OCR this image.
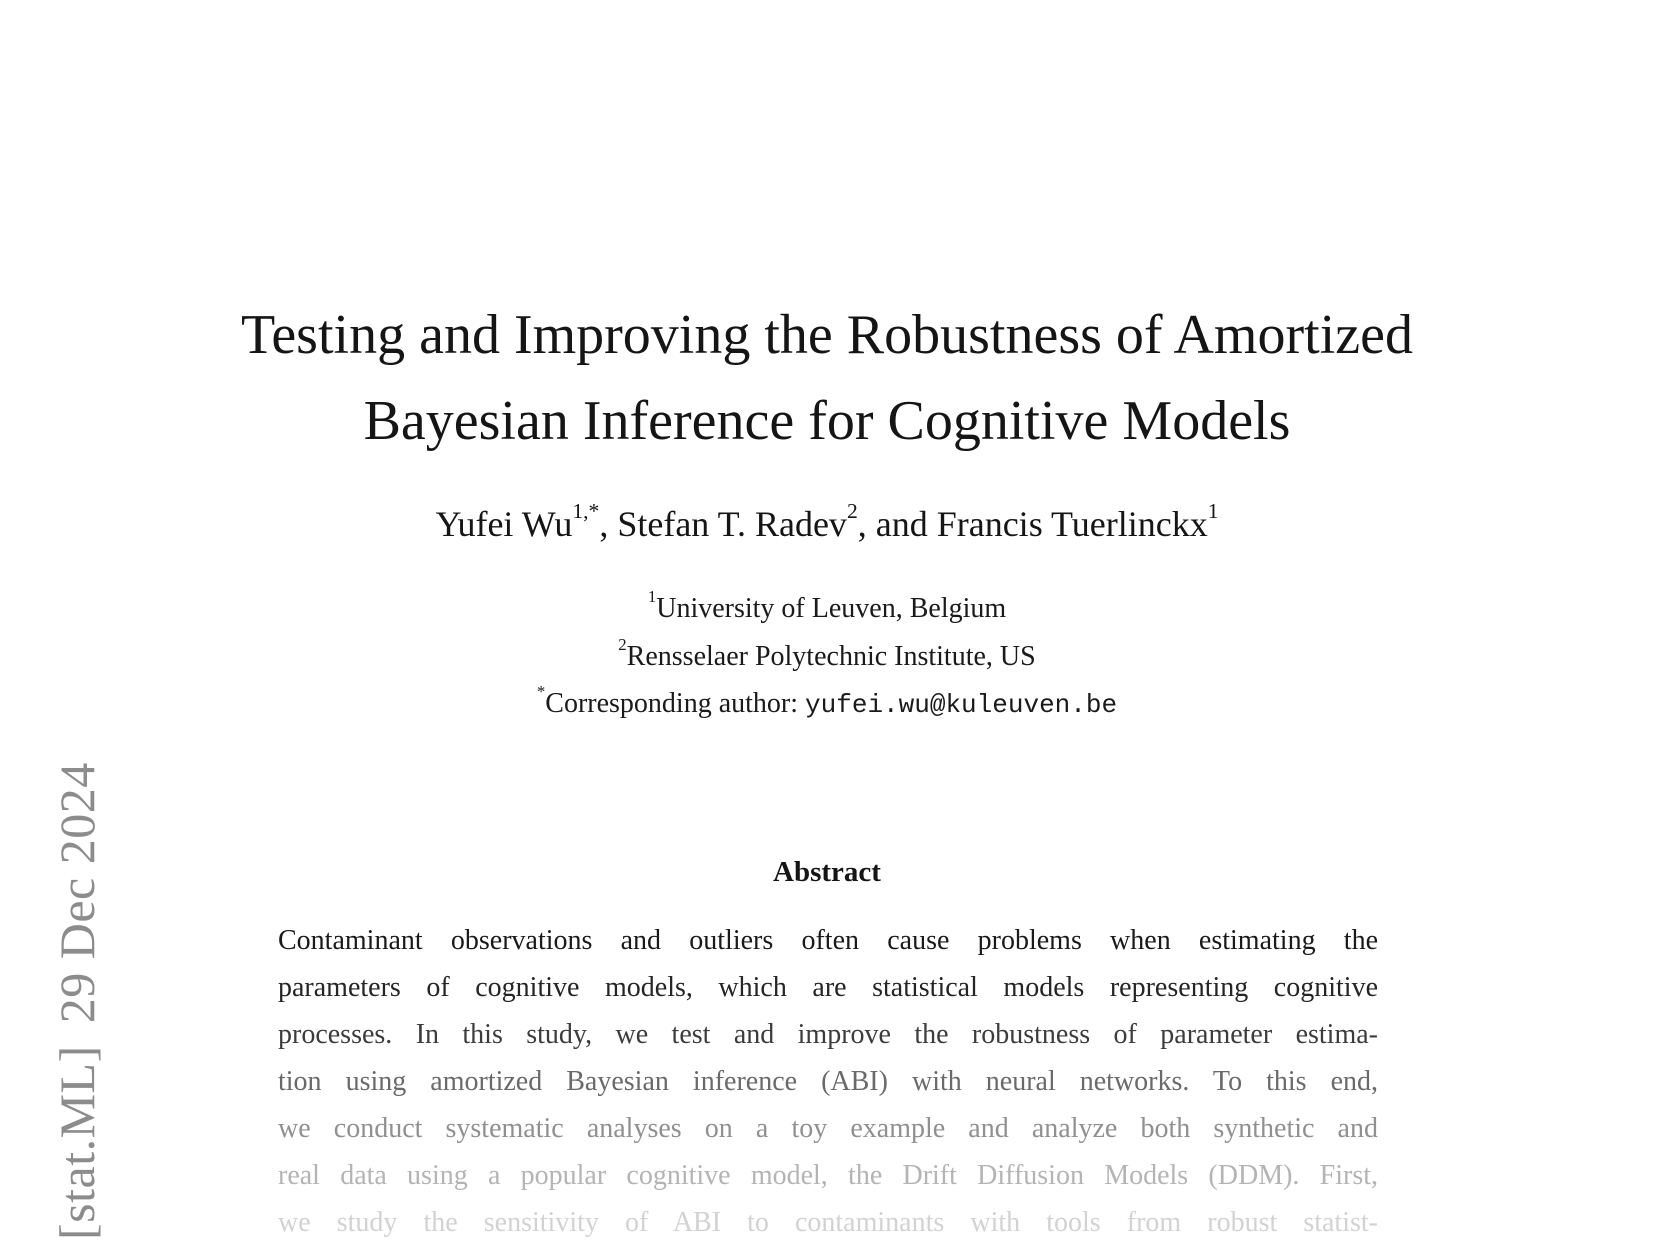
[stat.ML]29 Dec 2024
Testing and Improving the Robustness of Amortized
Bayesian Inference for Cognitive Models
Yufei $Wu^{1,*}$, Stefan T. Radev$^2$, and Francis Tuerlinckx$^1$
$^1$University of Leuven, Belgium
$^2$Rensselaer Polytechnic Institute, US
*Corresponding author: yufei.wu@kuleuven.be
Abstract
Contaminant observations and outliers often cause problems when estimating the
parameters of cognitive models, which are statistical models representing cognitive
processes. In this study, we test and improve the robustness of parameter estima-
tion using amortized Bayesian inference (ABI) with neural networks. To this end,
we conduct systematic analyses on a toy example and analyze both synthetic and
real data using a popular cognitive model, the Drift Diffusion Models (DDM). First,
we study the sensitivity of ABI to contaminants with tools from robust statist-
